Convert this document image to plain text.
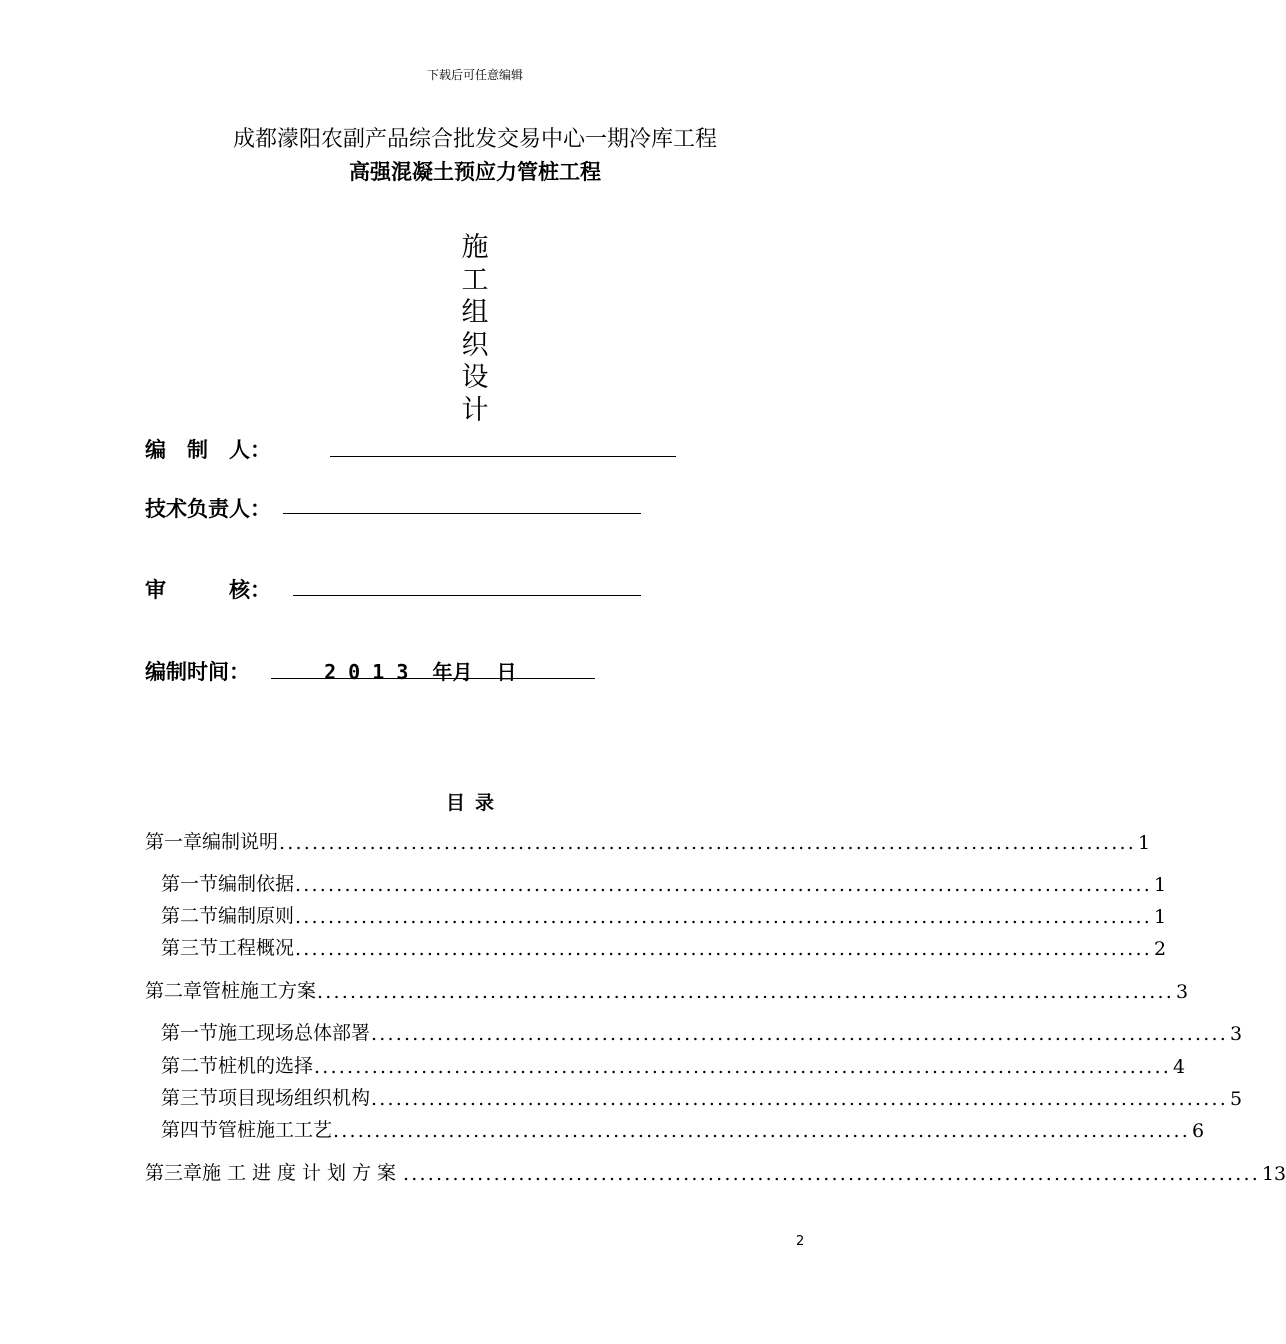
下载后可任意编辑
成都濛阳农副产品综合批发交易中心一期冷库工程
高强混凝土预应力管桩工程
施
工
组
织
设
计
编　制　人：
技术负责人：
审　　　核：
编制时间：	2 0 1 3  年月  日
目录
第一章 编制说明 ........................................................................................................ 1
第一节 编制依据 ........................................................................................................ 1
第二节 编制原则 ........................................................................................................ 1
第三节 工程概况 ........................................................................................................ 2
第二章 管桩施工方案 ........................................................................................................ 3
第一节 施工现场总体部署 ........................................................................................................ 3
第二节 桩机的选择 ........................................................................................................ 4
第三节 项目现场组织机构 ........................................................................................................ 5
第四节 管桩施工工艺 ........................................................................................................ 6
第三章 施工进度计划方案 ........................................................................................................ 13
2
